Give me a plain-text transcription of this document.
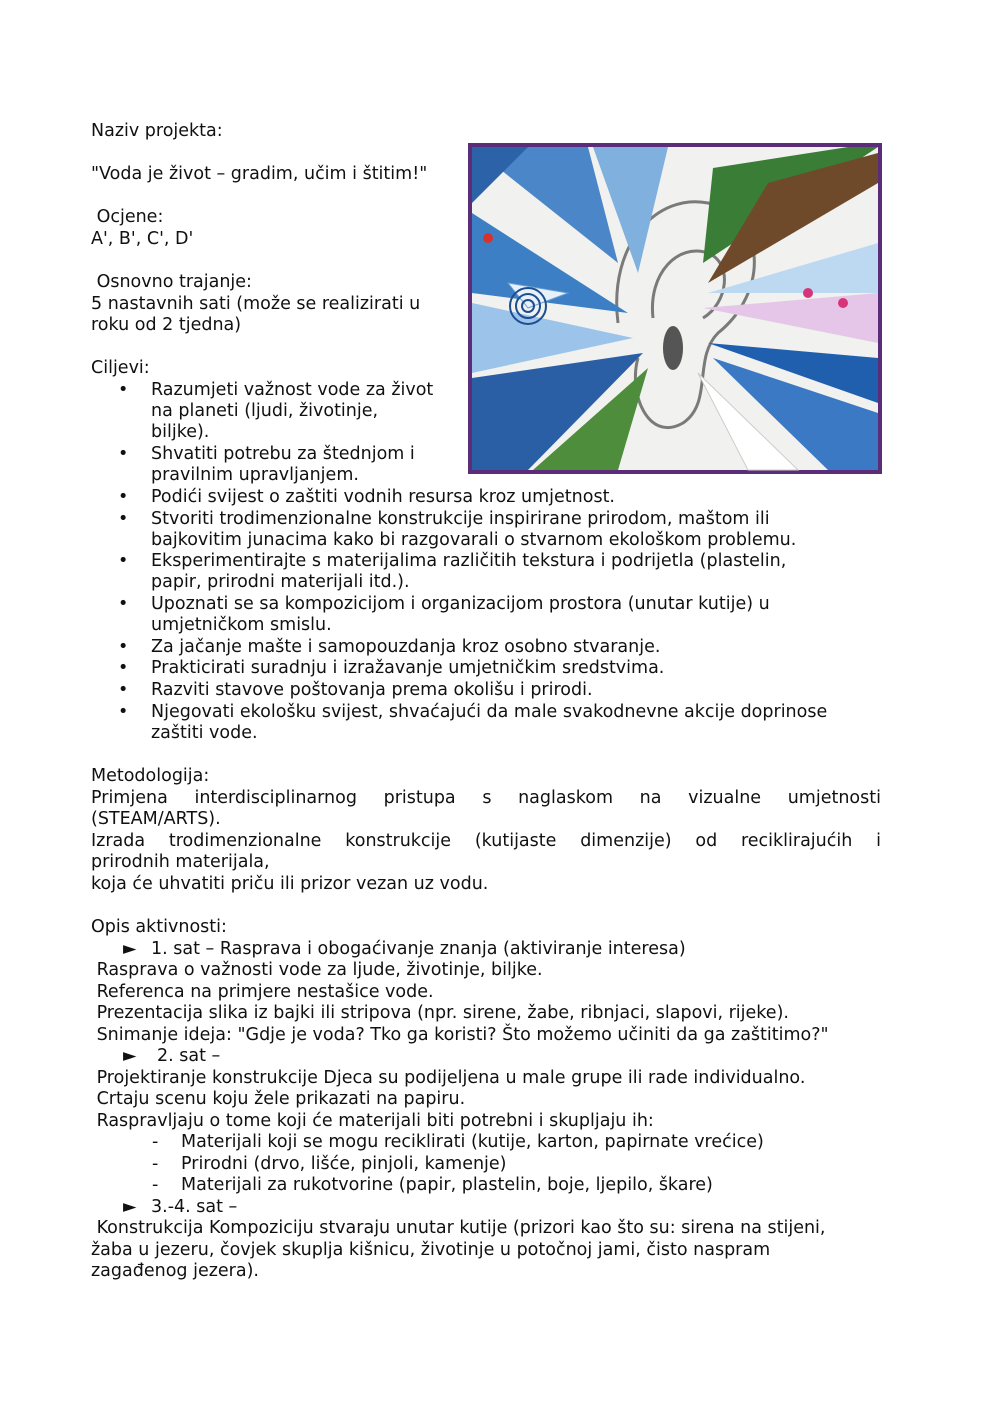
Naziv projekta:
"Voda je život – gradim, učim i štitim!"
Ocjene:
A', B', C', D'
Osnovno trajanje:
5 nastavnih sati (može se realizirati u
roku od 2 tjedna)
Ciljevi:
• Razumjeti važnost vode za život
na planeti (ljudi, životinje,
biljke).
• Shvatiti potrebu za štednjom i
pravilnim upravljanjem.
• Podići svijest o zaštiti vodnih resursa kroz umjetnost.
• Stvoriti trodimenzionalne konstrukcije inspirirane prirodom, maštom ili
bajkovitim junacima kako bi razgovarali o stvarnom ekološkom problemu.
• Eksperimentirajte s materijalima različitih tekstura i podrijetla (plastelin,
papir, prirodni materijali itd.).
• Upoznati se sa kompozicijom i organizacijom prostora (unutar kutije) u
umjetničkom smislu.
• Za jačanje mašte i samopouzdanja kroz osobno stvaranje.
• Prakticirati suradnju i izražavanje umjetničkim sredstvima.
• Razviti stavove poštovanja prema okolišu i prirodi.
• Njegovati ekološku svijest, shvaćajući da male svakodnevne akcije doprinose
zaštiti vode.
Metodologija:
Primjena interdisciplinarnog pristupa s naglaskom na vizualne umjetnosti
(STEAM/ARTS).
Izrada trodimenzionalne konstrukcije (kutijaste dimenzije) od reciklirajućih i
prirodnih materijala,
koja će uhvatiti priču ili prizor vezan uz vodu.
Opis aktivnosti:
► 1. sat – Rasprava i obogaćivanje znanja (aktiviranje interesa)
Rasprava o važnosti vode za ljude, životinje, biljke.
Referenca na primjere nestašice vode.
Prezentacija slika iz bajki ili stripova (npr. sirene, žabe, ribnjaci, slapovi, rijeke).
Snimanje ideja: "Gdje je voda? Tko ga koristi? Što možemo učiniti da ga zaštitimo?"
► 2. sat –
Projektiranje konstrukcije Djeca su podijeljena u male grupe ili rade individualno.
Crtaju scenu koju žele prikazati na papiru.
Raspravljaju o tome koji će materijali biti potrebni i skupljaju ih:
- Materijali koji se mogu reciklirati (kutije, karton, papirnate vrećice)
- Prirodni (drvo, lišće, pinjoli, kamenje)
- Materijali za rukotvorine (papir, plastelin, boje, ljepilo, škare)
► 3.-4. sat –
Konstrukcija Kompoziciju stvaraju unutar kutije (prizori kao što su: sirena na stijeni,
žaba u jezeru, čovjek skuplja kišnicu, životinje u potočnoj jami, čisto naspram
zagađenog jezera).
